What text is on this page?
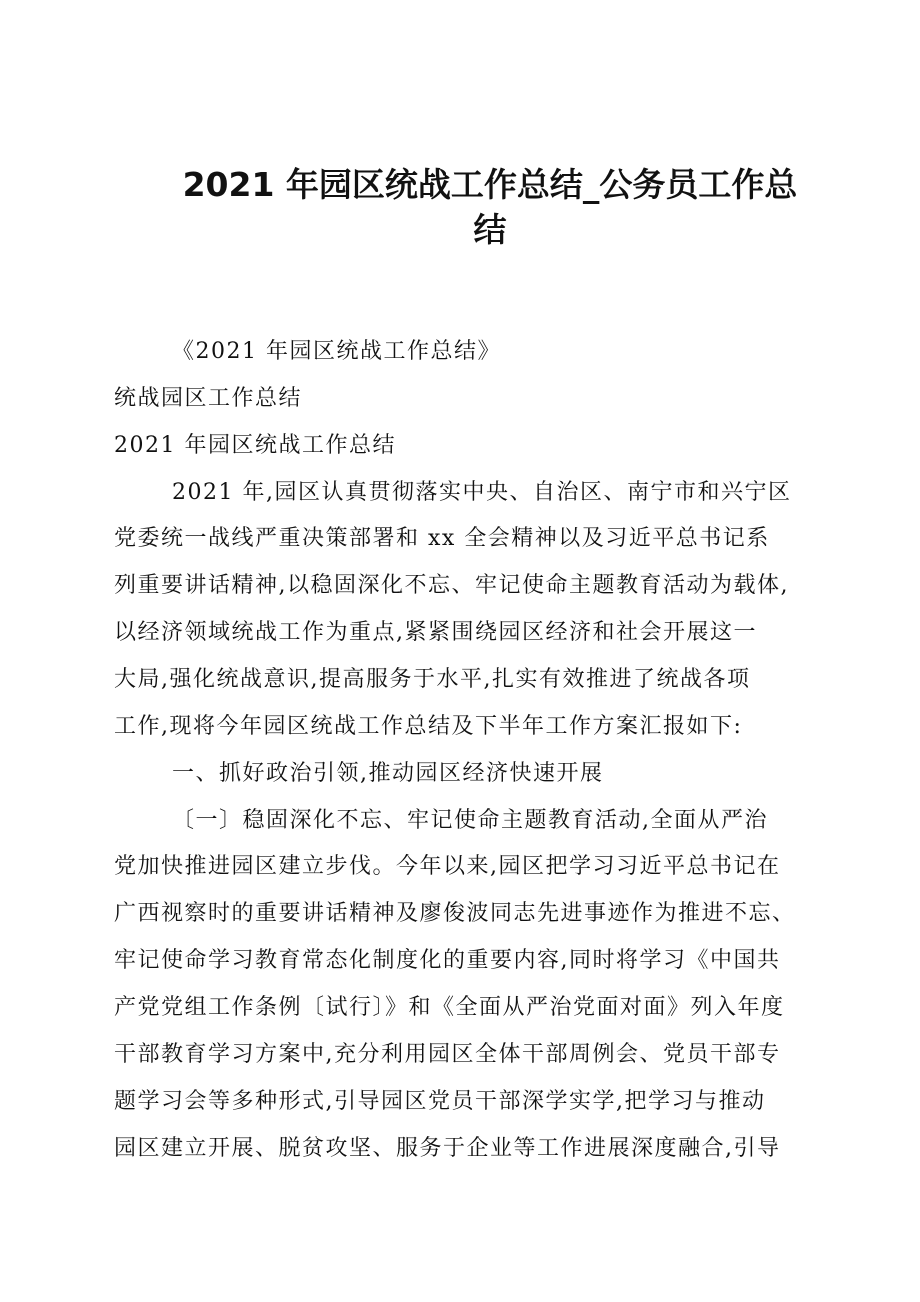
2021 年园区统战工作总结_公务员工作总
结

《2021 年园区统战工作总结》

统战园区工作总结

2021 年园区统战工作总结

2021 年,园区认真贯彻落实中央、自治区、南宁市和兴宁区

党委统一战线严重决策部署和 xx 全会精神以及习近平总书记系

列重要讲话精神,以稳固深化不忘、牢记使命主题教育活动为载体,

以经济领域统战工作为重点,紧紧围绕园区经济和社会开展这一

大局,强化统战意识,提高服务于水平,扎实有效推进了统战各项

工作,现将今年园区统战工作总结及下半年工作方案汇报如下:

一、抓好政治引领,推动园区经济快速开展

〔一〕稳固深化不忘、牢记使命主题教育活动,全面从严治

党加快推进园区建立步伐。今年以来,园区把学习习近平总书记在

广西视察时的重要讲话精神及廖俊波同志先进事迹作为推进不忘、

牢记使命学习教育常态化制度化的重要内容,同时将学习《中国共

产党党组工作条例〔试行〕》和《全面从严治党面对面》列入年度

干部教育学习方案中,充分利用园区全体干部周例会、党员干部专

题学习会等多种形式,引导园区党员干部深学实学,把学习与推动

园区建立开展、脱贫攻坚、服务于企业等工作进展深度融合,引导
